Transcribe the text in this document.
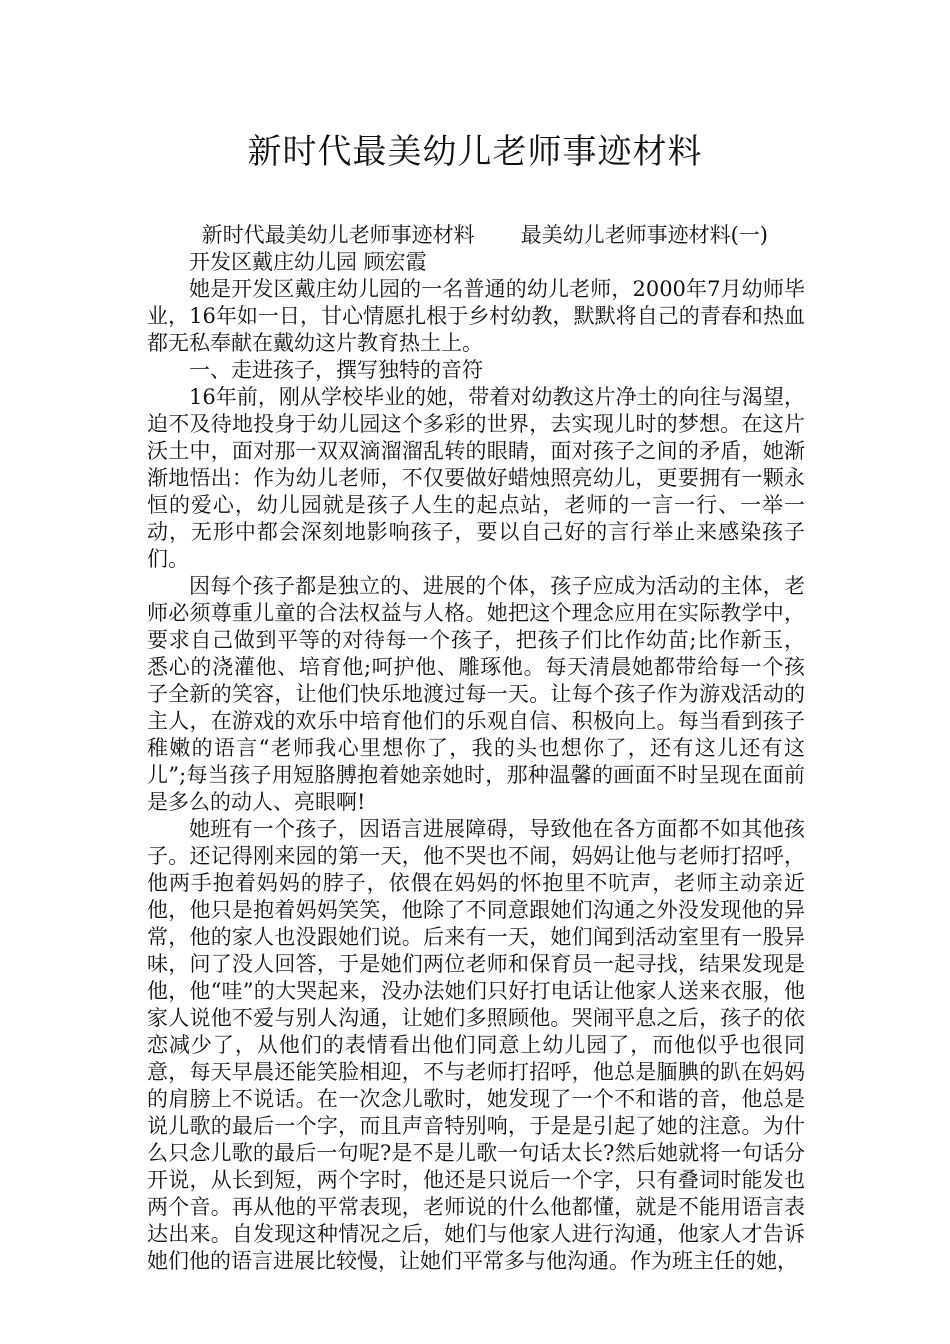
新时代最美幼儿老师事迹材料

新时代最美幼儿老师事迹材料 最美幼儿老师事迹材料(一)

开发区戴庄幼儿园 顾宏霞

她是开发区戴庄幼儿园的一名普通的幼儿老师，2000年7月幼师毕业，16年如一日，甘心情愿扎根于乡村幼教，默默将自己的青春和热血都无私奉献在戴幼这片教育热土上。

一、走进孩子，撰写独特的音符

16年前，刚从学校毕业的她，带着对幼教这片净土的向往与渴望，迫不及待地投身于幼儿园这个多彩的世界，去实现儿时的梦想。在这片沃土中，面对那一双双滴溜溜乱转的眼睛，面对孩子之间的矛盾，她渐渐地悟出：作为幼儿老师，不仅要做好蜡烛照亮幼儿，更要拥有一颗永恒的爱心，幼儿园就是孩子人生的起点站，老师的一言一行、一举一动，无形中都会深刻地影响孩子，要以自己好的言行举止来感染孩子们。

因每个孩子都是独立的、进展的个体，孩子应成为活动的主体，老师必须尊重儿童的合法权益与人格。她把这个理念应用在实际教学中，要求自己做到平等的对待每一个孩子，把孩子们比作幼苗;比作新玉，悉心的浇灌他、培育他;呵护他、雕琢他。每天清晨她都带给每一个孩子全新的笑容，让他们快乐地渡过每一天。让每个孩子作为游戏活动的主人，在游戏的欢乐中培育他们的乐观自信、积极向上。每当看到孩子稚嫩的语言“老师我心里想你了，我的头也想你了，还有这儿还有这儿”;每当孩子用短胳膊抱着她亲她时，那种温馨的画面不时呈现在面前是多么的动人、亮眼啊!

她班有一个孩子，因语言进展障碍，导致他在各方面都不如其他孩子。还记得刚来园的第一天，他不哭也不闹，妈妈让他与老师打招呼，他两手抱着妈妈的脖子，依偎在妈妈的怀抱里不吭声，老师主动亲近他，他只是抱着妈妈笑笑，他除了不同意跟她们沟通之外没发现他的异常，他的家人也没跟她们说。后来有一天，她们闻到活动室里有一股异味，问了没人回答，于是她们两位老师和保育员一起寻找，结果发现是他，他“哇”的大哭起来，没办法她们只好打电话让他家人送来衣服，他家人说他不爱与别人沟通，让她们多照顾他。哭闹平息之后，孩子的依恋减少了，从他们的表情看出他们同意上幼儿园了，而他似乎也很同意，每天早晨还能笑脸相迎，不与老师打招呼，他总是腼腆的趴在妈妈的肩膀上不说话。在一次念儿歌时，她发现了一个不和谐的音，他总是说儿歌的最后一个字，而且声音特别响，于是是引起了她的注意。为什么只念儿歌的最后一句呢?是不是儿歌一句话太长?然后她就将一句话分开说，从长到短，两个字时，他还是只说后一个字，只有叠词时能发也两个音。再从他的平常表现，老师说的什么他都懂，就是不能用语言表达出来。自发现这种情况之后，她们与他家人进行沟通，他家人才告诉她们他的语言进展比较慢，让她们平常多与他沟通。作为班主任的她，
